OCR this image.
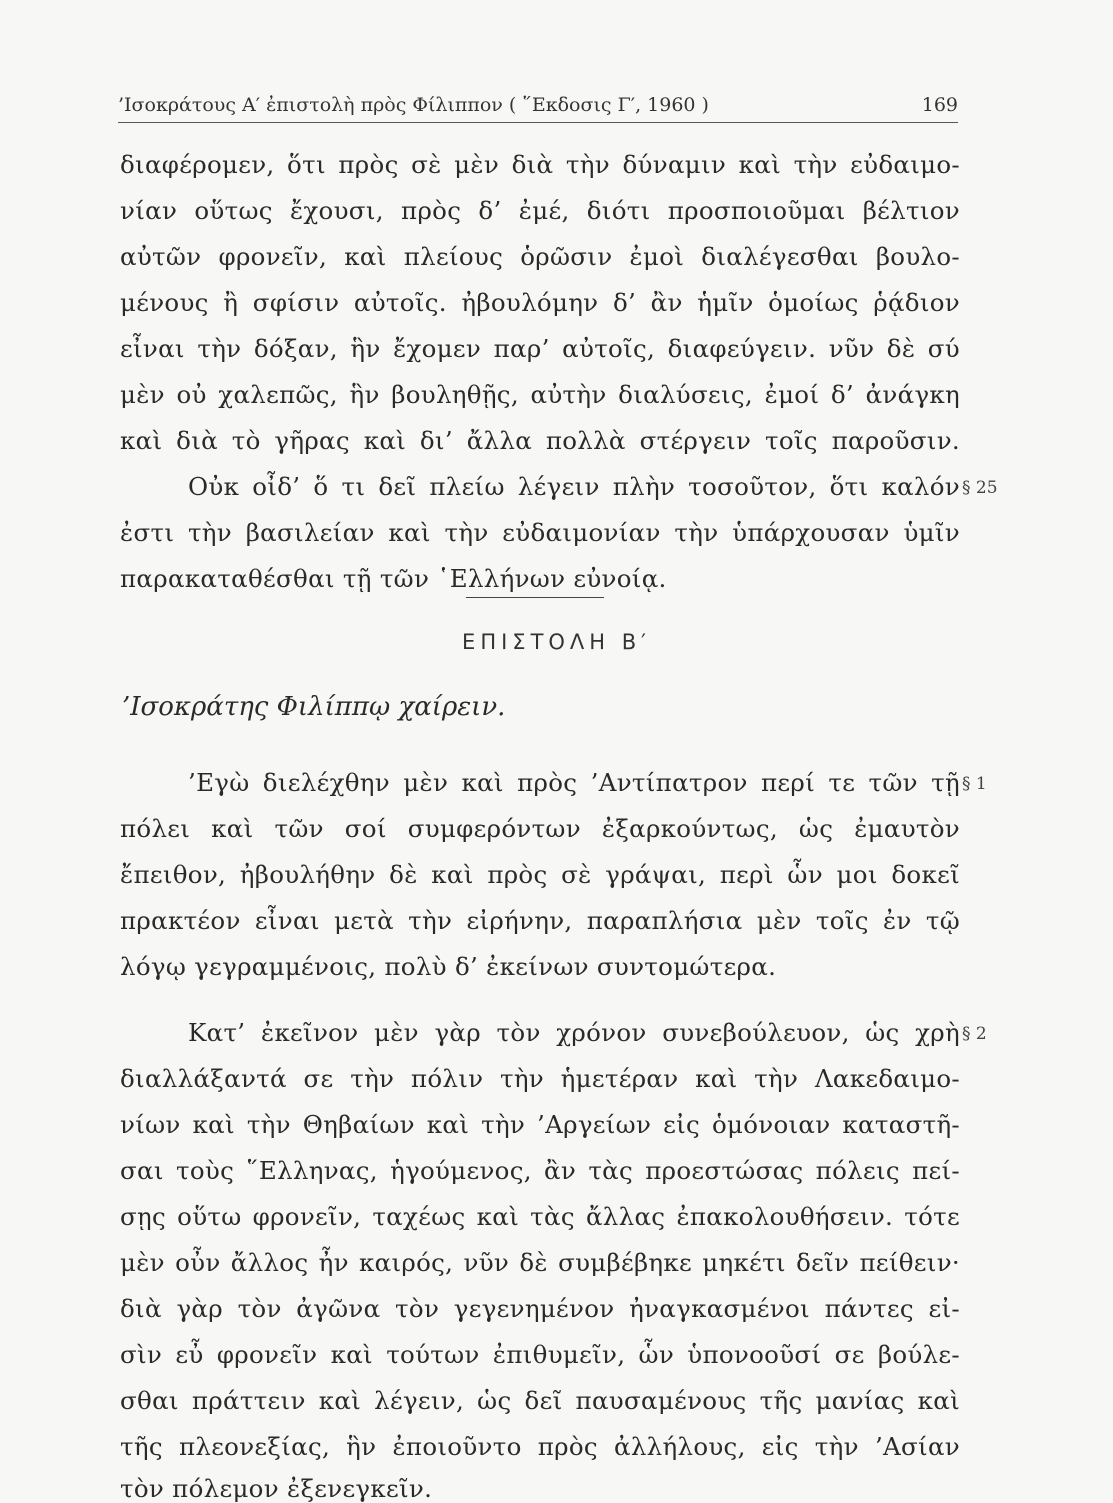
’Ισοκράτους Α′ ἐπιστολὴ πρὸς Φίλιππον ( ῞Εκδοσις Γ′, 1960 )	169
διαφέρομεν, ὅτι πρὸς σὲ μὲν διὰ τὴν δύναμιν καὶ τὴν εὐδαιμο-
νίαν οὕτως ἔχουσι, πρὸς δ’ ἐμέ, διότι προσποιοῦμαι βέλτιον
αὐτῶν φρονεῖν, καὶ πλείους ὁρῶσιν ἐμοὶ διαλέγεσθαι βουλο-
μένους ἢ σφίσιν αὐτοῖς. ἠβουλόμην δ’ ἂν ἡμῖν ὁμοίως ῥᾴδιον
εἶναι τὴν δόξαν, ἣν ἔχομεν παρ’ αὐτοῖς, διαφεύγειν. νῦν δὲ σύ
μὲν οὐ χαλεπῶς, ἣν βουληθῇς, αὐτὴν διαλύσεις, ἐμοί δ’ ἀνάγκη
καὶ διὰ τὸ γῆρας καὶ δι’ ἄλλα πολλὰ στέργειν τοῖς παροῦσιν.
Οὐκ οἶδ’ ὅ τι δεῖ πλείω λέγειν πλὴν τοσοῦτον, ὅτι καλόν § 25
ἐστι τὴν βασιλείαν καὶ τὴν εὐδαιμονίαν τὴν ὑπάρχουσαν ὑμῖν
παρακαταθέσθαι τῇ τῶν ῾Ελλήνων εὐνοίᾳ.
ΕΠΙΣΤΟΛΗ Β′
’Ισοκράτης Φιλίππῳ χαίρειν.
’Εγὼ διελέχθην μὲν καὶ πρὸς ’Αντίπατρον περί τε τῶν τῇ § 1
πόλει καὶ τῶν σοί συμφερόντων ἐξαρκούντως, ὡς ἐμαυτὸν
ἔπειθον, ἠβουλήθην δὲ καὶ πρὸς σὲ γράψαι, περὶ ὧν μοι δοκεῖ
πρακτέον εἶναι μετὰ τὴν εἰρήνην, παραπλήσια μὲν τοῖς ἐν τῷ
λόγῳ γεγραμμένοις, πολὺ δ’ ἐκείνων συντομώτερα.
Κατ’ ἐκεῖνον μὲν γὰρ τὸν χρόνον συνεβούλευον, ὡς χρὴ § 2
διαλλάξαντά σε τὴν πόλιν τὴν ἡμετέραν καὶ τὴν Λακεδαιμο-
νίων καὶ τὴν Θηβαίων καὶ τὴν ’Αργείων εἰς ὁμόνοιαν καταστῆ-
σαι τοὺς ῞Ελληνας, ἡγούμενος, ἂν τὰς προεστώσας πόλεις πεί-
σῃς οὕτω φρονεῖν, ταχέως καὶ τὰς ἄλλας ἐπακολουθήσειν. τότε
μὲν οὖν ἄλλος ἦν καιρός, νῦν δὲ συμβέβηκε μηκέτι δεῖν πείθειν·
διὰ γὰρ τὸν ἀγῶνα τὸν γεγενημένον ἠναγκασμένοι πάντες εἰ-
σὶν εὖ φρονεῖν καὶ τούτων ἐπιθυμεῖν, ὧν ὑπονοοῦσί σε βούλε-
σθαι πράττειν καὶ λέγειν, ὡς δεῖ παυσαμένους τῆς μανίας καὶ
τῆς πλεονεξίας, ἣν ἐποιοῦντο πρὸς ἀλλήλους, εἰς τὴν ’Ασίαν
τὸν πόλεμον ἐξενεγκεῖν.
